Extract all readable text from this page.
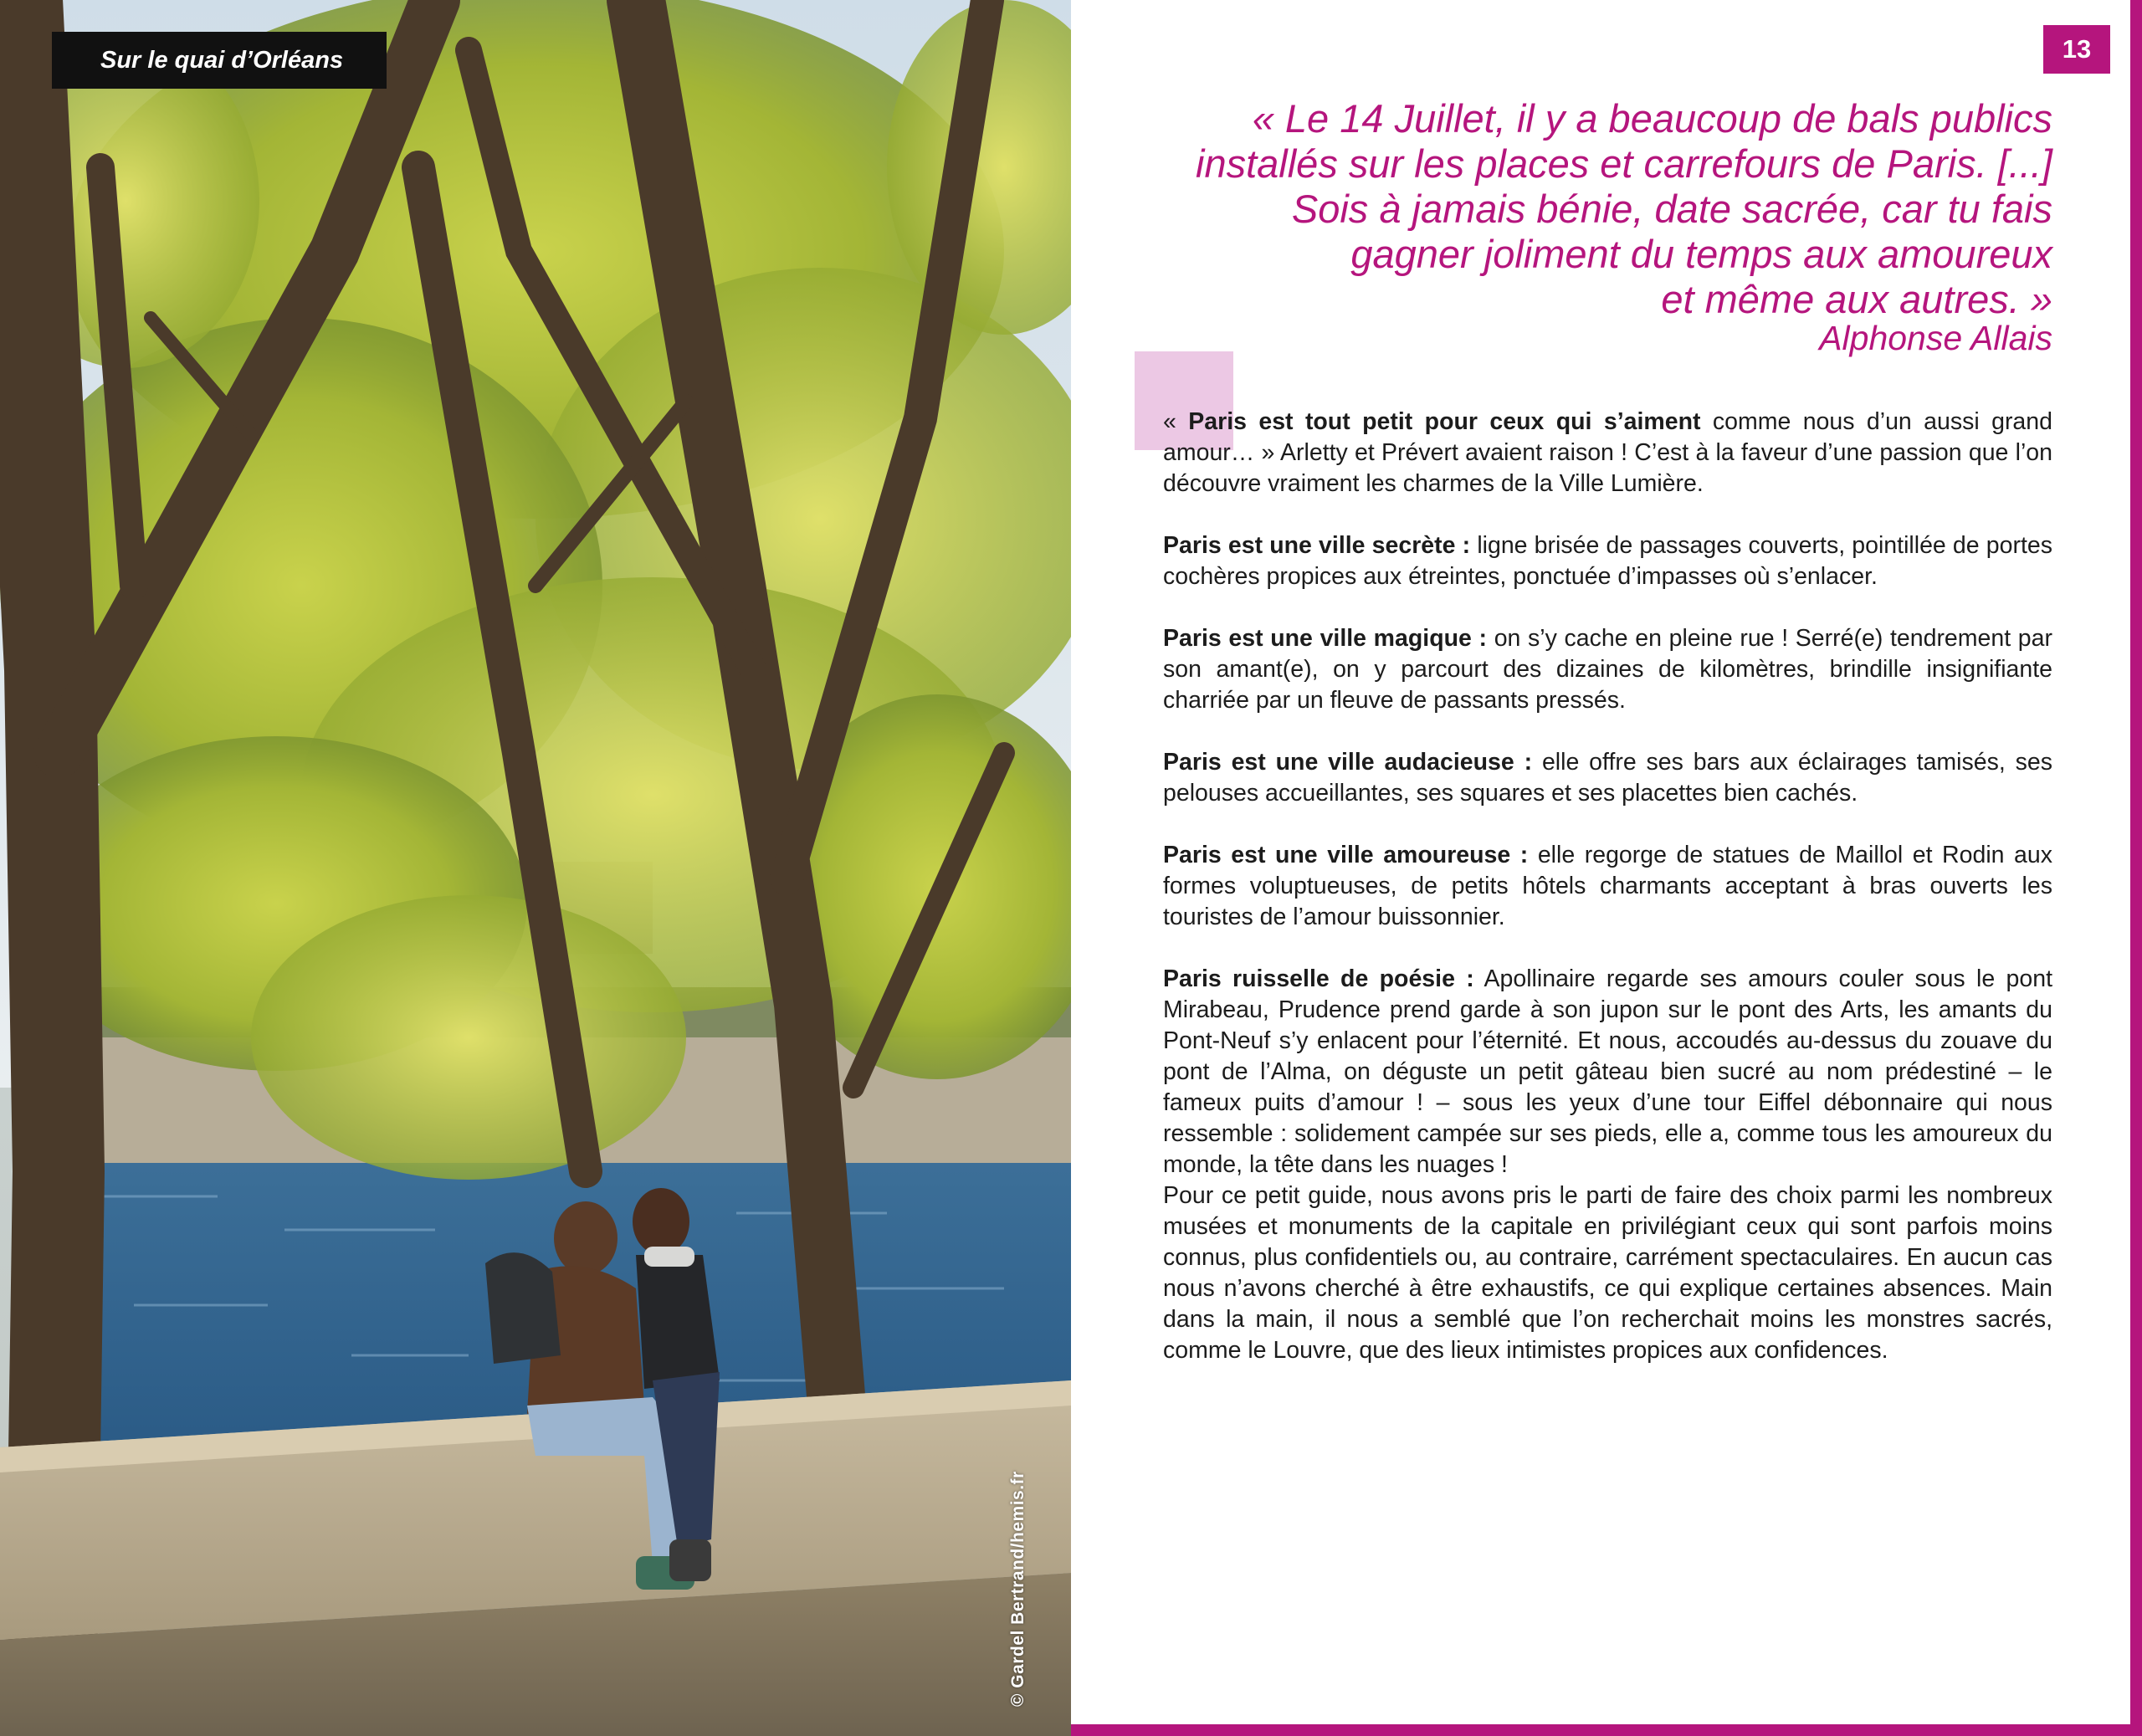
Sur le quai d’Orléans
© Gardel Bertrand/hemis.fr
13
« Le 14 Juillet, il y a beaucoup de bals publics
installés sur les places et carrefours de Paris. [...]
Sois à jamais bénie, date sacrée, car tu fais
gagner joliment du temps aux amoureux
et même aux autres. »
Alphonse Allais

« Paris est tout petit pour ceux qui s’aiment comme nous d’un aussi grand amour… » Arletty et Prévert avaient raison ! C’est à la faveur d’une passion que l’on découvre vraiment les charmes de la Ville Lumière.

Paris est une ville secrète : ligne brisée de passages couverts, pointillée de portes cochères propices aux étreintes, ponctuée d’impasses où s’enlacer.

Paris est une ville magique : on s’y cache en pleine rue ! Serré(e) tendrement par son amant(e), on y parcourt des dizaines de kilomètres, brindille insignifiante charriée par un fleuve de passants pressés.

Paris est une ville audacieuse : elle offre ses bars aux éclairages tamisés, ses pelouses accueillantes, ses squares et ses placettes bien cachés.

Paris est une ville amoureuse : elle regorge de statues de Maillol et Rodin aux formes voluptueuses, de petits hôtels charmants acceptant à bras ouverts les touristes de l’amour buissonnier.

Paris ruisselle de poésie : Apollinaire regarde ses amours couler sous le pont Mirabeau, Prudence prend garde à son jupon sur le pont des Arts, les amants du Pont-Neuf s’y enlacent pour l’éternité. Et nous, accoudés au-dessus du zouave du pont de l’Alma, on déguste un petit gâteau bien sucré au nom prédestiné – le fameux puits d’amour ! – sous les yeux d’une tour Eiffel débonnaire qui nous ressemble : solidement campée sur ses pieds, elle a, comme tous les amoureux du monde, la tête dans les nuages !

Pour ce petit guide, nous avons pris le parti de faire des choix parmi les nombreux musées et monuments de la capitale en privilégiant ceux qui sont parfois moins connus, plus confidentiels ou, au contraire, carrément spectaculaires. En aucun cas nous n’avons cherché à être exhaustifs, ce qui explique certaines absences. Main dans la main, il nous a semblé que l’on recherchait moins les monstres sacrés, comme le Louvre, que des lieux intimistes propices aux confidences.
